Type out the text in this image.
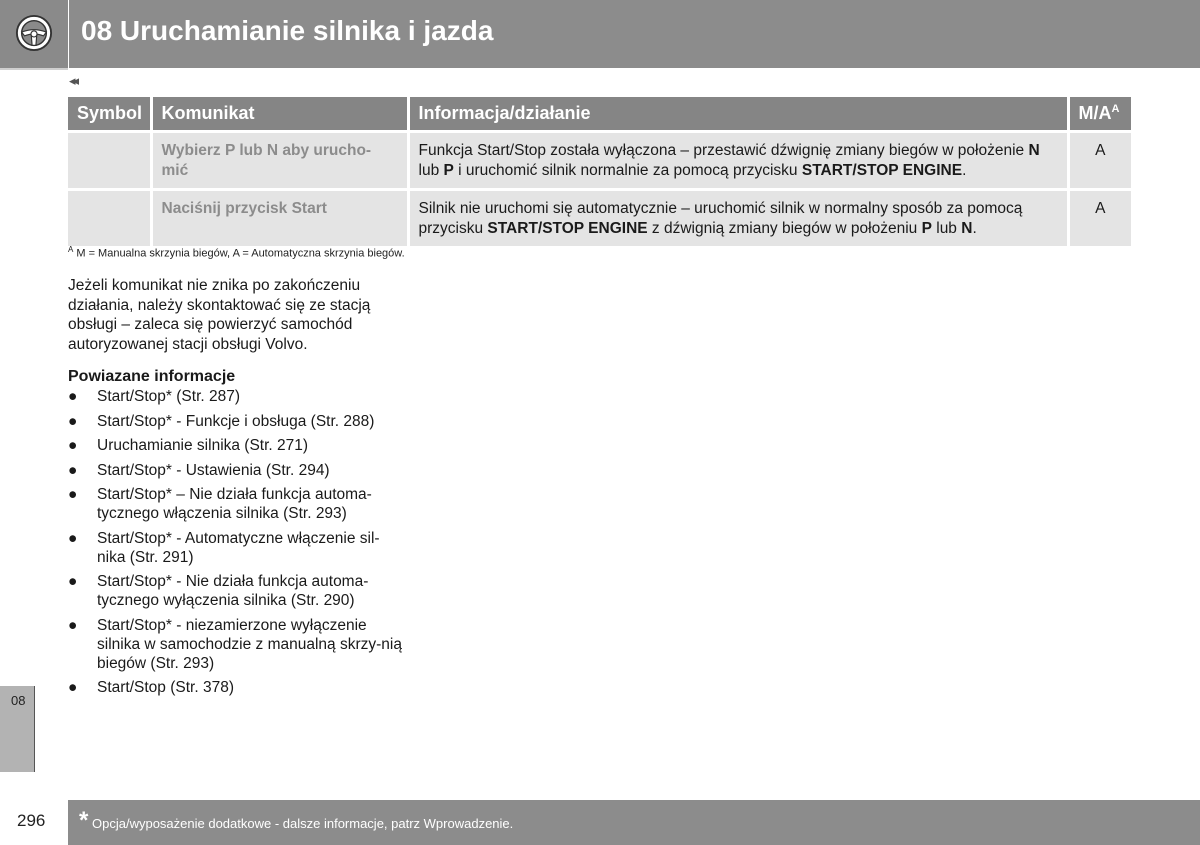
08 Uruchamianie silnika i jazda
◂◂
Symbol	Komunikat	Informacja/działanie	$M/A^A$
	Wybierz P lub N aby urucho-mić	Funkcja Start/Stop została wyłączona – przestawić dźwignię zmiany biegów w położenie N lub P i uruchomić silnik normalnie za pomocą przycisku START/STOP ENGINE.	A
	Naciśnij przycisk Start	Silnik nie uruchomi się automatycznie – uruchomić silnik w normalny sposób za pomocą przycisku START/STOP ENGINE z dźwignią zmiany biegów w położeniu P lub N.	A
$^A$ M = Manualna skrzynia biegów, A = Automatyczna skrzynia biegów.

Jeżeli komunikat nie znika po zakończeniu działania, należy skontaktować się ze stacją obsługi – zaleca się powierzyć samochód autoryzowanej stacji obsługi Volvo.

Powiazane informacje
● Start/Stop* (Str. 287)
● Start/Stop* - Funkcje i obsługa (Str. 288)
● Uruchamianie silnika (Str. 271)
● Start/Stop* - Ustawienia (Str. 294)
● Start/Stop* – Nie działa funkcja automa-tycznego włączenia silnika (Str. 293)
● Start/Stop* - Automatyczne włączenie sil-nika (Str. 291)
● Start/Stop* - Nie działa funkcja automa-tycznego wyłączenia silnika (Str. 290)
● Start/Stop* - niezamierzone wyłączenie silnika w samochodzie z manualną skrzy-nią biegów (Str. 293)
● Start/Stop (Str. 378)
08
296 * Opcja/wyposażenie dodatkowe - dalsze informacje, patrz Wprowadzenie.
